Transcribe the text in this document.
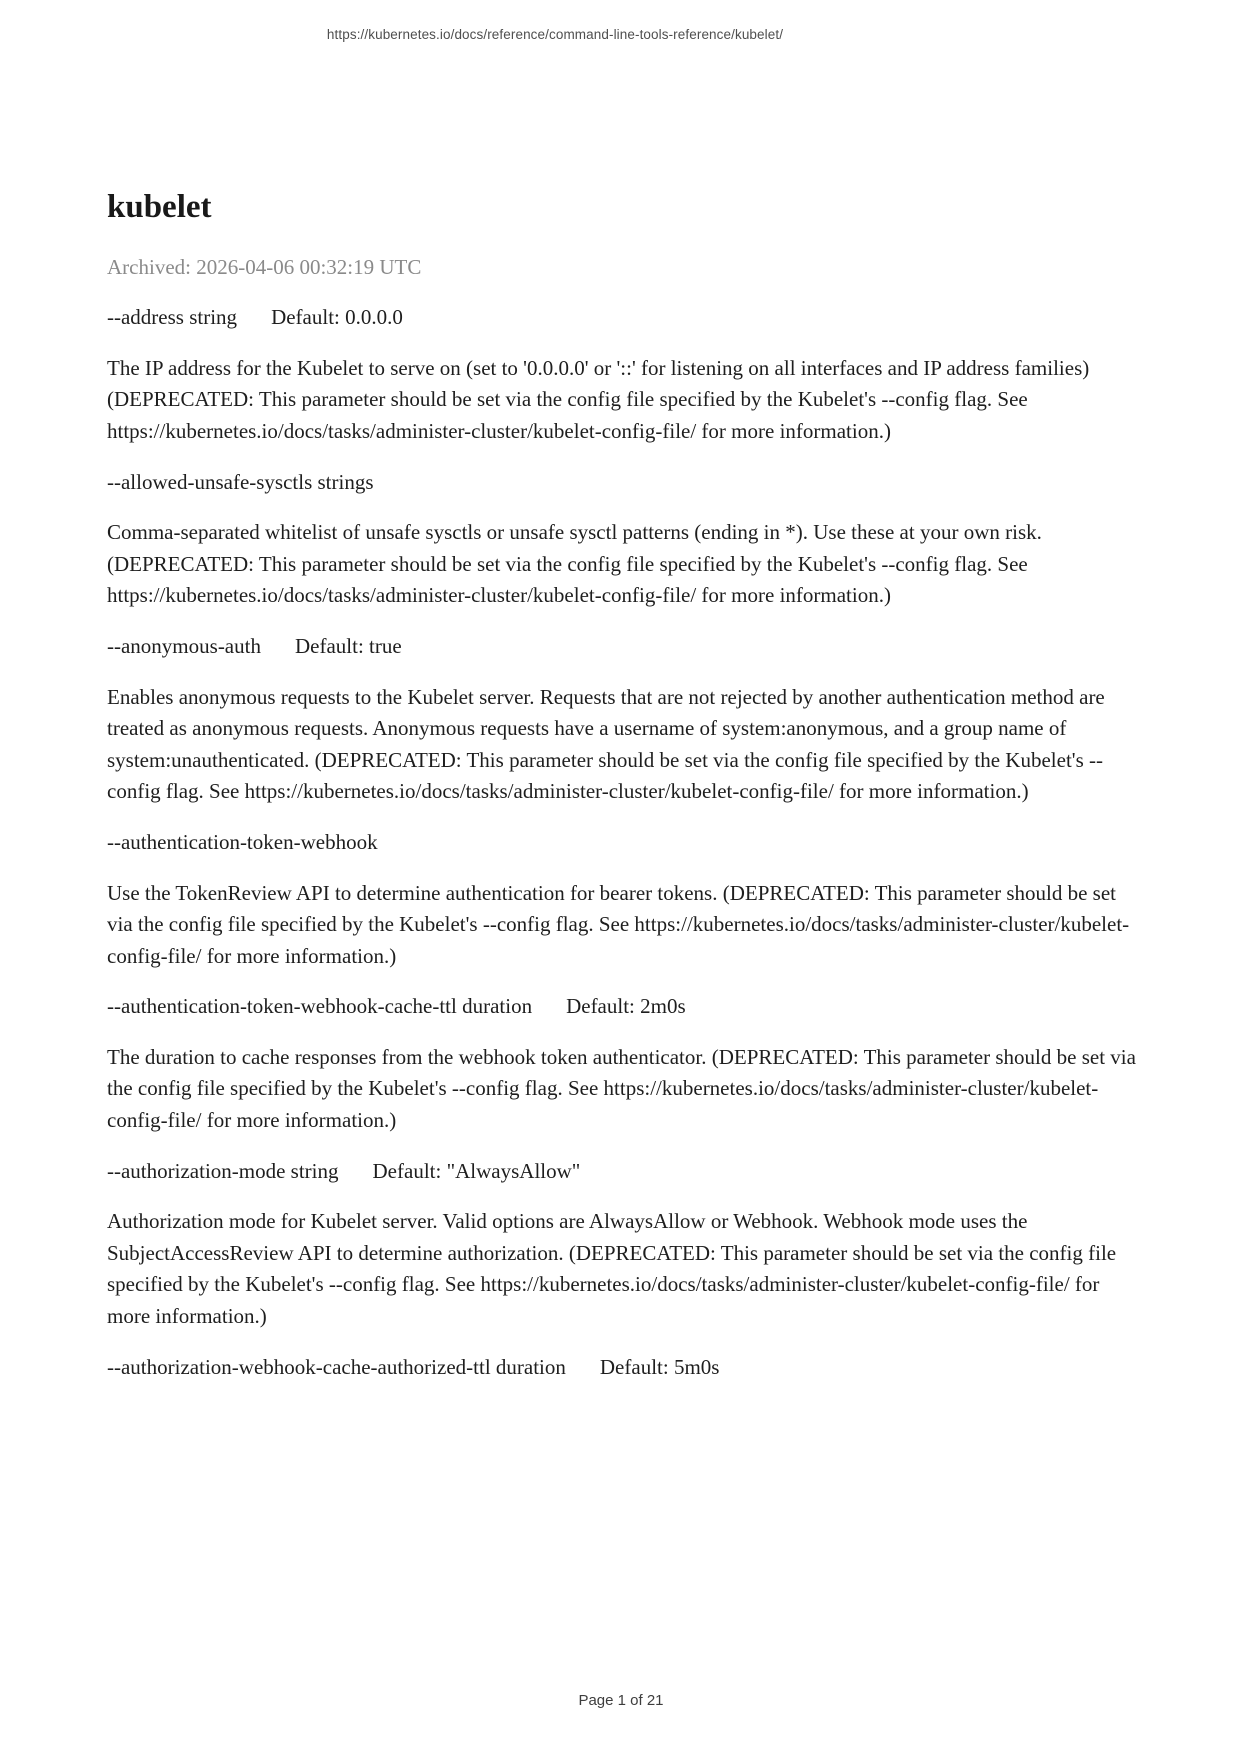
https://kubernetes.io/docs/reference/command-line-tools-reference/kubelet/
kubelet

Archived: 2026-04-06 00:32:19 UTC

--address string Default: 0.0.0.0

The IP address for the Kubelet to serve on (set to '0.0.0.0' or '::' for listening on all interfaces and IP address families) (DEPRECATED: This parameter should be set via the config file specified by the Kubelet's --config flag. See https://kubernetes.io/docs/tasks/administer-cluster/kubelet-config-file/ for more information.)

--allowed-unsafe-sysctls strings

Comma-separated whitelist of unsafe sysctls or unsafe sysctl patterns (ending in *). Use these at your own risk. (DEPRECATED: This parameter should be set via the config file specified by the Kubelet's --config flag. See https://kubernetes.io/docs/tasks/administer-cluster/kubelet-config-file/ for more information.)

--anonymous-auth Default: true

Enables anonymous requests to the Kubelet server. Requests that are not rejected by another authentication method are treated as anonymous requests. Anonymous requests have a username of system:anonymous, and a group name of system:unauthenticated. (DEPRECATED: This parameter should be set via the config file specified by the Kubelet's --config flag. See https://kubernetes.io/docs/tasks/administer-cluster/kubelet-config-file/ for more information.)

--authentication-token-webhook

Use the TokenReview API to determine authentication for bearer tokens. (DEPRECATED: This parameter should be set via the config file specified by the Kubelet's --config flag. See https://kubernetes.io/docs/tasks/administer-cluster/kubelet-config-file/ for more information.)

--authentication-token-webhook-cache-ttl duration Default: 2m0s

The duration to cache responses from the webhook token authenticator. (DEPRECATED: This parameter should be set via the config file specified by the Kubelet's --config flag. See https://kubernetes.io/docs/tasks/administer-cluster/kubelet-config-file/ for more information.)

--authorization-mode string Default: "AlwaysAllow"

Authorization mode for Kubelet server. Valid options are AlwaysAllow or Webhook. Webhook mode uses the SubjectAccessReview API to determine authorization. (DEPRECATED: This parameter should be set via the config file specified by the Kubelet's --config flag. See https://kubernetes.io/docs/tasks/administer-cluster/kubelet-config-file/ for more information.)

--authorization-webhook-cache-authorized-ttl duration Default: 5m0s

Page 1 of 21
